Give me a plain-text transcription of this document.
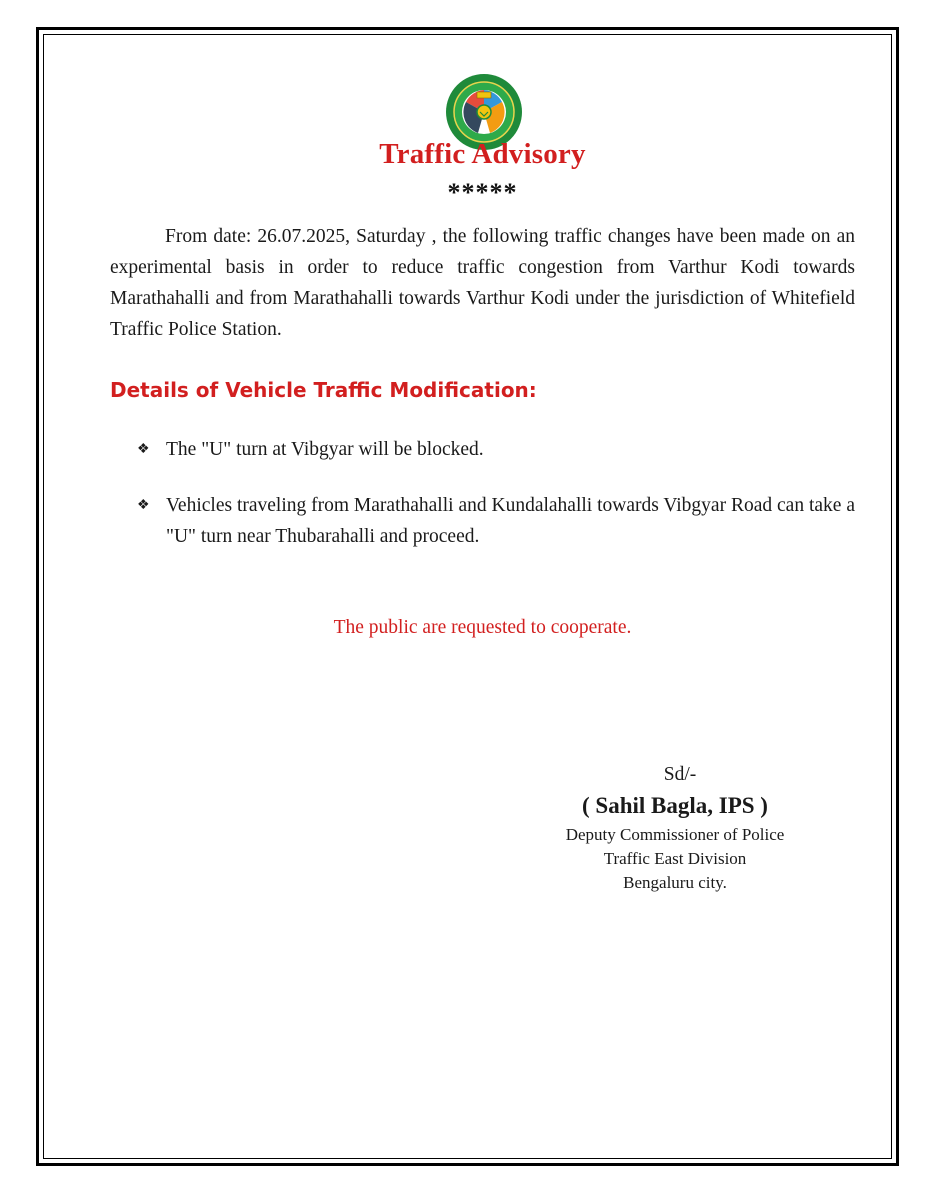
Traffic Advisory
*****

From date: 26.07.2025, Saturday , the following traffic changes have been made on an experimental basis in order to reduce traffic congestion from Varthur Kodi towards Marathahalli and from Marathahalli towards Varthur Kodi under the jurisdiction of Whitefield Traffic Police Station.

Details of Vehicle Traffic Modification:
❖ The "U" turn at Vibgyar will be blocked.
❖ Vehicles traveling from Marathahalli and Kundalahalli towards Vibgyar Road can take a "U" turn near Thubarahalli and proceed.

The public are requested to cooperate.

Sd/-
( Sahil Bagla, IPS )
Deputy Commissioner of Police
Traffic East Division
Bengaluru city.
